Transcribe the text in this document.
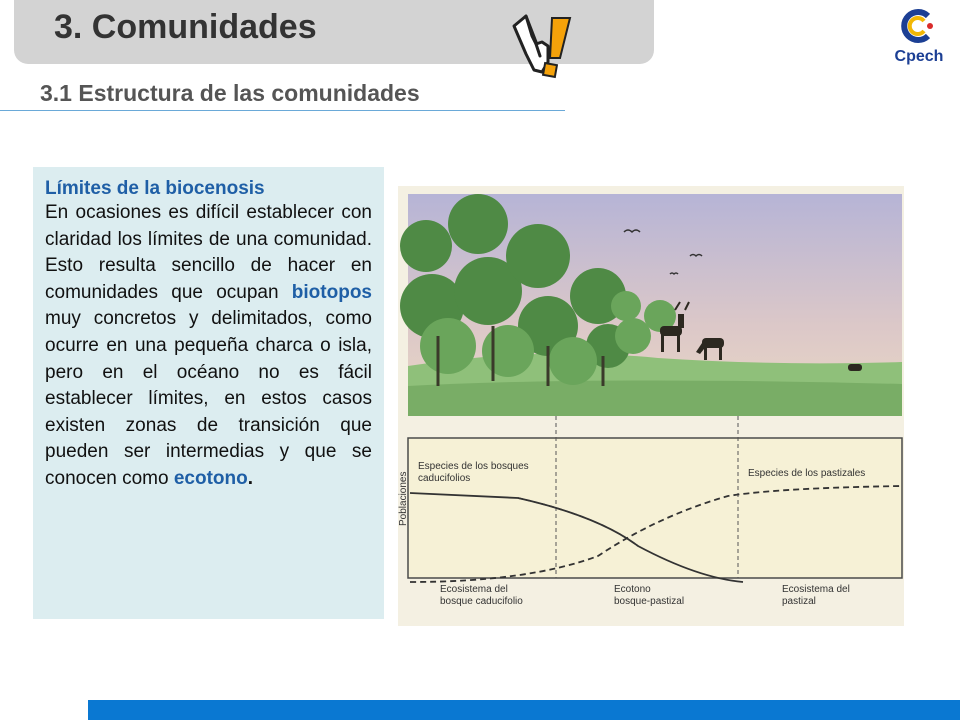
3. Comunidades
Cpech
3.1 Estructura de las comunidades
Límites de la biocenosis
En ocasiones es difícil establecer con claridad los límites de una comunidad. Esto resulta sencillo de hacer en comunidades que ocupan biotopos muy concretos y delimitados, como ocurre en una pequeña charca o isla, pero en el océano no es fácil establecer límites, en estos casos existen zonas de transición que pueden ser intermedias y que se conocen como ecotono.	Poblaciones
Especies de los bosques
caducifolios	Especies de los pastizales
Ecosistema del
bosque caducifolio
Ecotono
bosque-pastizal
Ecosistema del
pastizal
